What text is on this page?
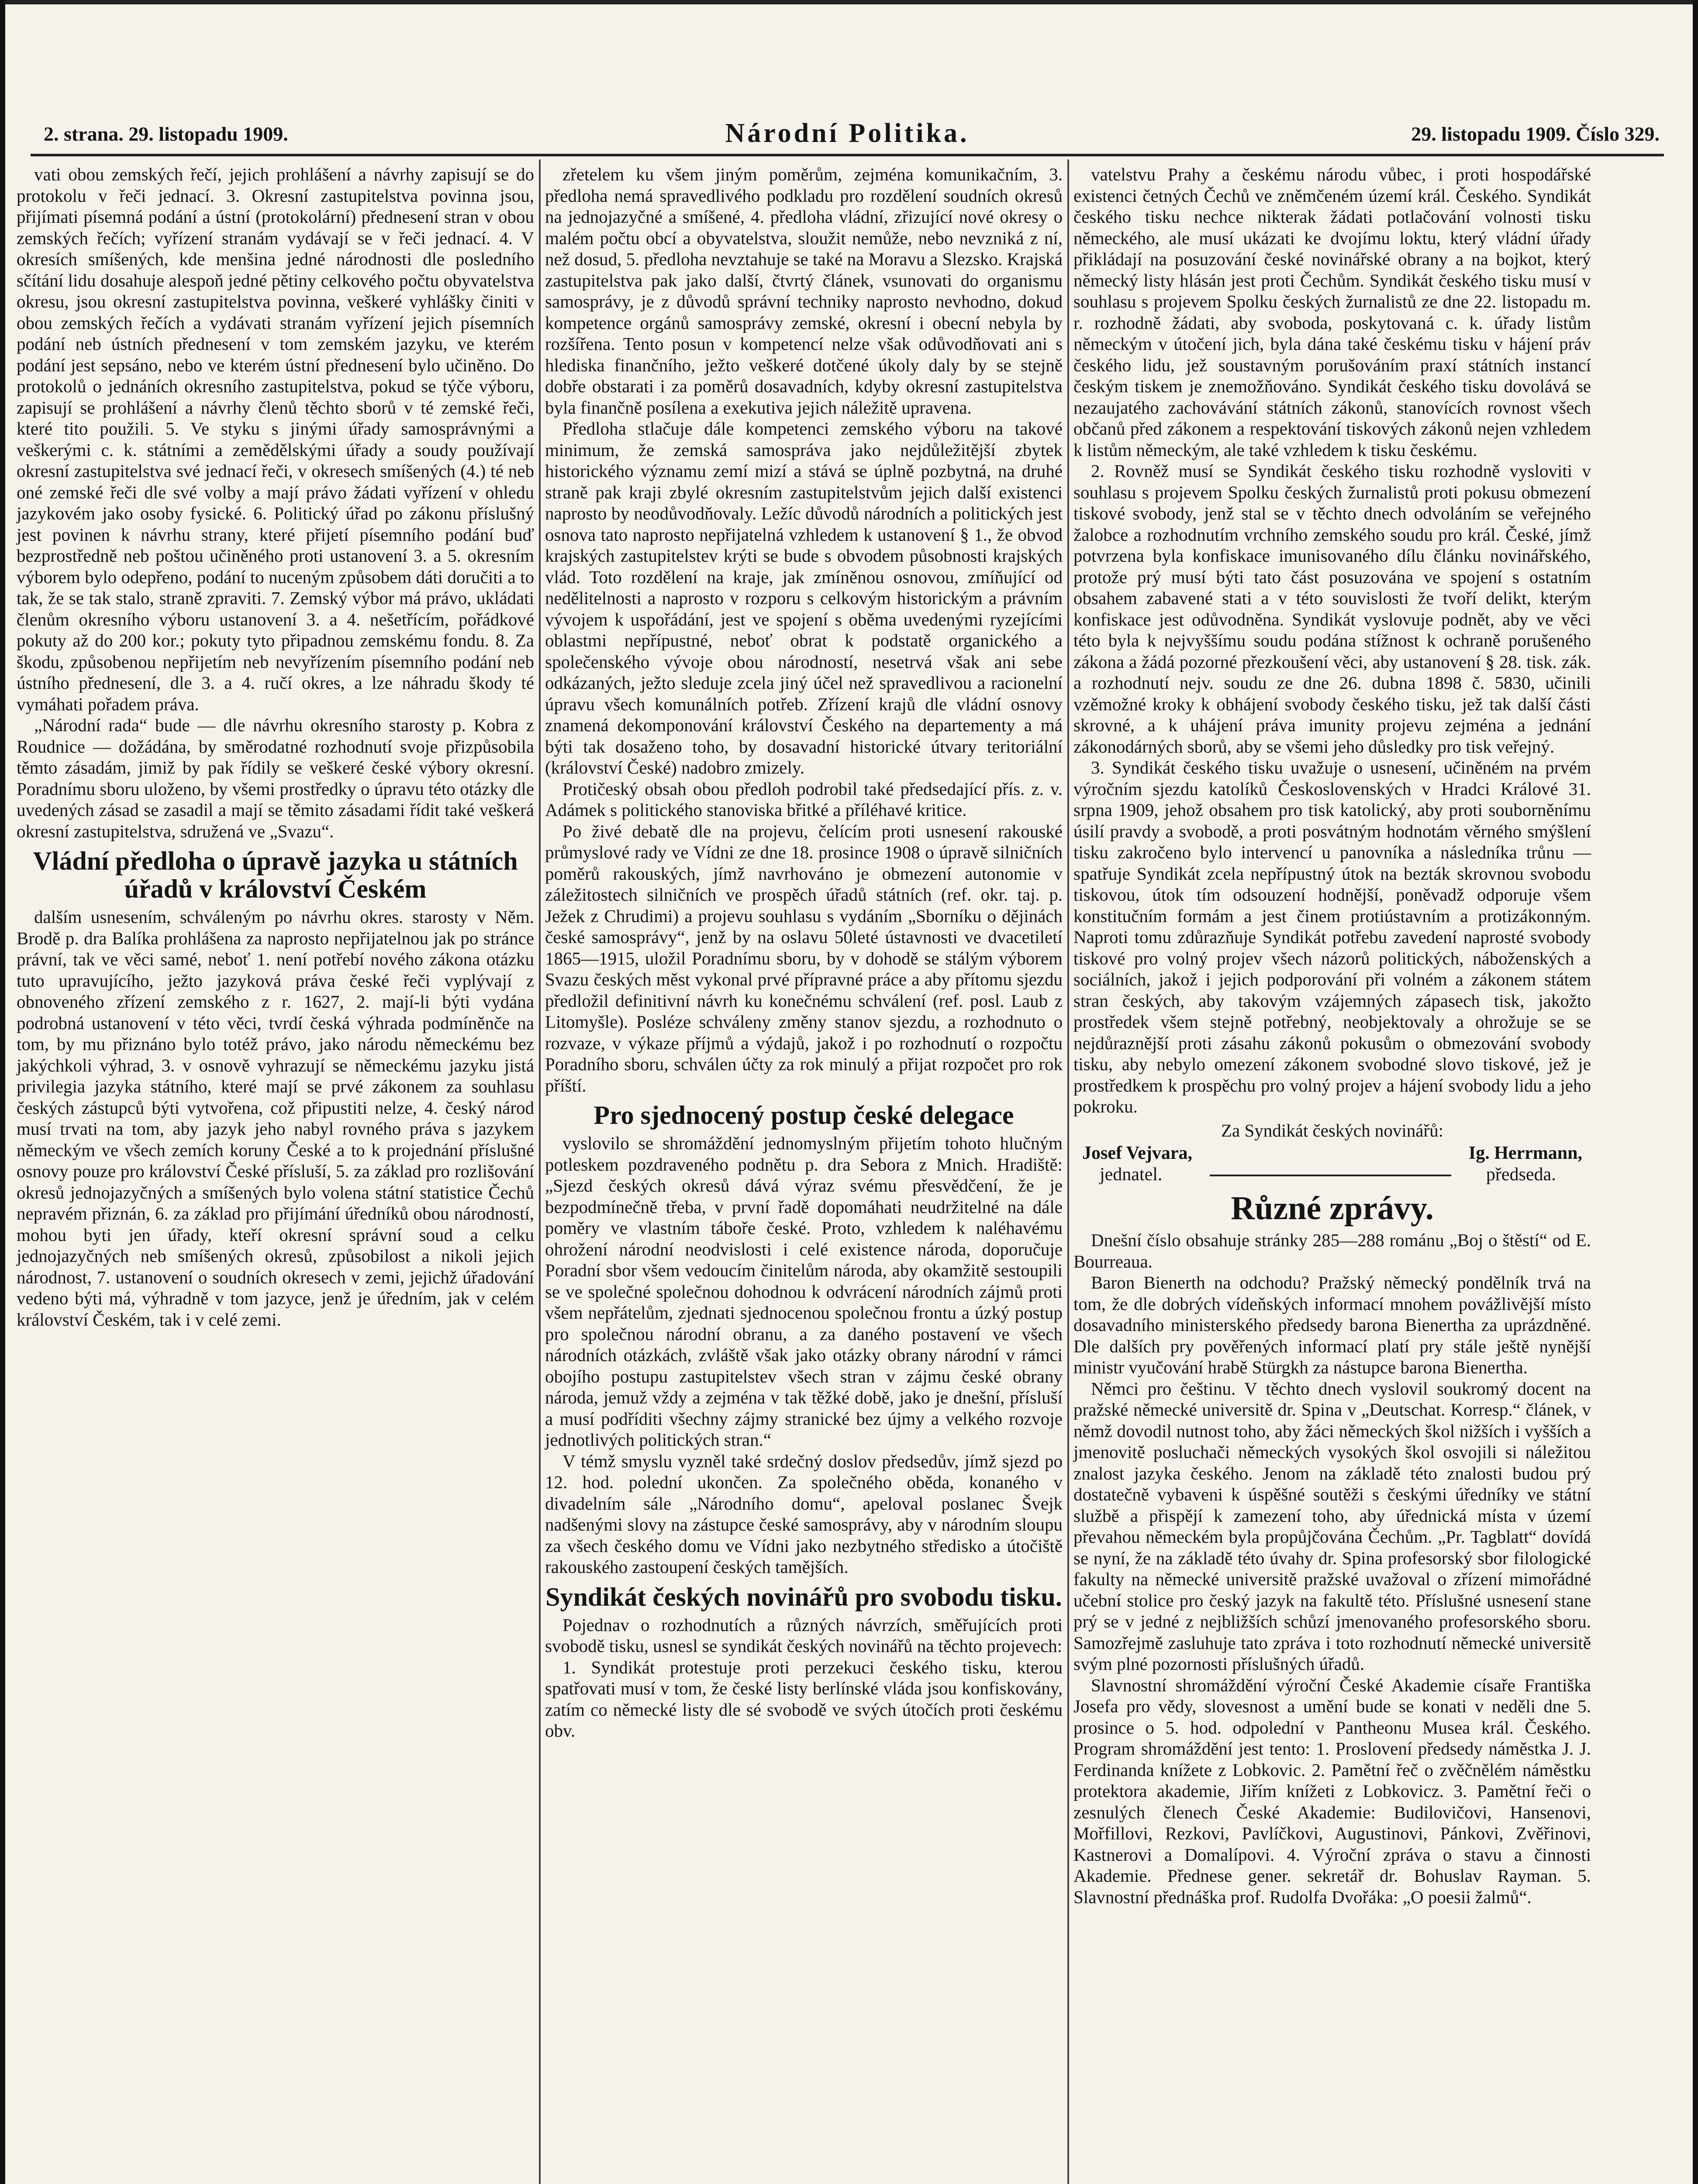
2. strana. 29. listopadu 1909.	Národní Politika.	29. listopadu 1909. Číslo 329.

vati obou zemských řečí, jejich prohlášení a návrhy zapisují se do protokolu v řeči jednací. 3. Okresní zastupitelstva povinna jsou, přijímati písemná podání a ústní (protokolární) přednesení stran v obou zemských řečích; vyřízení stranám vydávají se v řeči jednací. 4. V okresích smíšených, kde menšina jedné národnosti dle posledního sčítání lidu dosahuje alespoň jedné pětiny celkového počtu obyvatelstva okresu, jsou okresní zastupitelstva povinna, veškeré vyhlášky činiti v obou zemských řečích a vydávati stranám vyřízení jejich písemních podání neb ústních přednesení v tom zemském jazyku, ve kterém podání jest sepsáno, nebo ve kterém ústní přednesení bylo učiněno. Do protokolů o jednáních okresního zastupitelstva, pokud se týče výboru, zapisují se prohlášení a návrhy členů těchto sborů v té zemské řeči, které tito použili. 5. Ve styku s jinými úřady samosprávnými a veškerými c. k. státními a zemědělskými úřady a soudy používají okresní zastupitelstva své jednací řeči, v okresech smíšených (4.) té neb oné zemské řeči dle své volby a mají právo žádati vyřízení v ohledu jazykovém jako osoby fysické. 6. Politický úřad po zákonu příslušný jest povinen k návrhu strany, které přijetí písemního podání buď bezprostředně neb poštou učiněného proti ustanovení 3. a 5. okresním výborem bylo odepřeno, podání to nuceným způsobem dáti doručiti a to tak, že se tak stalo, straně zpraviti. 7. Zemský výbor má právo, ukládati členům okresního výboru ustanovení 3. a 4. nešetřícím, pořádkové pokuty až do 200 kor.; pokuty tyto připadnou zemskému fondu. 8. Za škodu, způsobenou nepřijetím neb nevyřízením písemního podání neb ústního přednesení, dle 3. a 4. ručí okres, a lze náhradu škody té vymáhati pořadem práva.

„Národní rada“ bude — dle návrhu okresního starosty p. Kobra z Roudnice — dožádána, by směrodatné rozhodnutí svoje přizpůsobila těmto zásadám, jimiž by pak řídily se veškeré české výbory okresní. Poradnímu sboru uloženo, by všemi prostředky o úpravu této otázky dle uvedených zásad se zasadil a mají se těmito zásadami řídit také veškerá okresní zastupitelstva, sdružená ve „Svazu“.

Vládní předloha o úpravě jazyka u státních úřadů v království Českém

dalším usnesením, schváleným po návrhu okres. starosty v Něm. Brodě p. dra Balíka prohlášena za naprosto nepřijatelnou jak po stránce právní, tak ve věci samé, neboť 1. není potřebí nového zákona otázku tuto upravujícího, ježto jazyková práva české řeči vyplývají z obnoveného zřízení zemského z r. 1627, 2. mají-li býti vydána podrobná ustanovení v této věci, tvrdí česká výhrada podmíněnče na tom, by mu přiznáno bylo totéž právo, jako národu německému bez jakýchkoli výhrad, 3. v osnově vyhrazují se německému jazyku jistá privilegia jazyka státního, které mají se prvé zákonem za souhlasu českých zástupců býti vytvořena, což připustiti nelze, 4. český národ musí trvati na tom, aby jazyk jeho nabyl rovného práva s jazykem německým ve všech zemích koruny České a to k projednání příslušné osnovy pouze pro království České přísluší, 5. za základ pro rozlišování okresů jednojazyčných a smíšených bylo volena státní statistice Čechů nepravém přiznán, 6. za základ pro přijímání úředníků obou národností, mohou byti jen úřady, kteří okresní správní soud a celku jednojazyčných neb smíšených okresů, způsobilost a nikoli jejich národnost, 7. ustanovení o soudních okresech v zemi, jejichž úřadování vedeno býti má, výhradně v tom jazyce, jenž je úředním, jak v celém království Českém, tak i v celé zemi.

zřetelem ku všem jiným poměrům, zejména komunikačním, 3. předloha nemá spravedlivého podkladu pro rozdělení soudních okresů na jednojazyčné a smíšené, 4. předloha vládní, zřizující nové okresy o malém počtu obcí a obyvatelstva, sloužit nemůže, nebo nevzniká z ní, než dosud, 5. předloha nevztahuje se také na Moravu a Slezsko. Krajská zastupitelstva pak jako další, čtvrtý článek, vsunovati do organismu samosprávy, je z důvodů správní techniky naprosto nevhodno, dokud kompetence orgánů samosprávy zemské, okresní i obecní nebyla by rozšířena. Tento posun v kompetencí nelze však odůvodňovati ani s hlediska finančního, ježto veškeré dotčené úkoly daly by se stejně dobře obstarati i za poměrů dosavadních, kdyby okresní zastupitelstva byla finančně posílena a exekutiva jejich náležitě upravena.

Předloha stlačuje dále kompetenci zemského výboru na takové minimum, že zemská samospráva jako nejdůležitější zbytek historického významu zemí mizí a stává se úplně pozbytná, na druhé straně pak kraji zbylé okresním zastupitelstvům jejich další existenci naprosto by neodůvodňovaly. Ležíc důvodů národních a politických jest osnova tato naprosto nepřijatelná vzhledem k ustanovení § 1., že obvod krajských zastupitelstev krýti se bude s obvodem působnosti krajských vlád. Toto rozdělení na kraje, jak zmíněnou osnovou, zmíňující od nedělitelnosti a naprosto v rozporu s celkovým historickým a právním vývojem k uspořádání, jest ve spojení s oběma uvedenými ryzejícími oblastmi nepřípustné, neboť obrat k podstatě organického a společenského vývoje obou národností, nesetrvá však ani sebe odkázaných, ježto sleduje zcela jiný účel než spravedlivou a racionelní úpravu všech komunálních potřeb. Zřízení krajů dle vládní osnovy znamená dekomponování království Českého na departementy a má býti tak dosaženo toho, by dosavadní historické útvary teritoriální (království České) nadobro zmizely.

Protičeský obsah obou předloh podrobil také předsedající přís. z. v. Adámek s politického stanoviska břitké a příléhavé kritice.

Po živé debatě dle na projevu, čelícím proti usnesení rakouské průmyslové rady ve Vídni ze dne 18. prosince 1908 o úpravě silničních poměrů rakouských, jímž navrhováno je obmezení autonomie v záležitostech silničních ve prospěch úřadů státních (ref. okr. taj. p. Ježek z Chrudimi) a projevu souhlasu s vydáním „Sborníku o dějinách české samosprávy“, jenž by na oslavu 50leté ústavnosti ve dvacetiletí 1865—1915, uložil Poradnímu sboru, by v dohodě se stálým výborem Svazu českých měst vykonal prvé přípravné práce a aby přítomu sjezdu předložil definitivní návrh ku konečnému schválení (ref. posl. Laub z Litomyšle). Posléze schváleny změny stanov sjezdu, a rozhodnuto o rozvaze, v výkaze příjmů a výdajů, jakož i po rozhodnutí o rozpočtu Poradního sboru, schválen účty za rok minulý a přijat rozpočet pro rok příští.

Pro sjednocený postup české delegace

vyslovilo se shromáždění jednomyslným přijetím tohoto hlučným potleskem pozdraveného podnětu p. dra Sebora z Mnich. Hradiště: „Sjezd českých okresů dává výraz svému přesvědčení, že je bezpodmínečně třeba, v první řadě dopomáhati neudržitelné na dále poměry ve vlastním táboře české. Proto, vzhledem k naléhavému ohrožení národní neodvislosti i celé existence národa, doporučuje Poradní sbor všem vedoucím činitelům národa, aby okamžitě sestoupili se ve společné společnou dohodnou k odvrácení národních zájmů proti všem nepřátelům, zjednati sjednocenou společnou frontu a úzký postup pro společnou národní obranu, a za daného postavení ve všech národních otázkách, zvláště však jako otázky obrany národní v rámci obojího postupu zastupitelstev všech stran v zájmu české obrany národa, jemuž vždy a zejména v tak těžké době, jako je dnešní, přísluší a musí podříditi všechny zájmy stranické bez újmy a velkého rozvoje jednotlivých politických stran.“

V témž smyslu vyzněl také srdečný doslov předsedův, jímž sjezd po 12. hod. polední ukončen. Za společného oběda, konaného v divadelním sále „Národního domu“, apeloval poslanec Švejk nadšenými slovy na zástupce české samosprávy, aby v národním sloupu za všech českého domu ve Vídni jako nezbytného středisko a útočiště rakouského zastoupení českých tamějších.

Syndikát českých novinářů pro svobodu tisku.

Pojednav o rozhodnutích a různých návrzích, směřujících proti svobodě tisku, usnesl se syndikát českých novinářů na těchto projevech:

1. Syndikát protestuje proti perzekuci českého tisku, kterou spatřovati musí v tom, že české listy berlínské vláda jsou konfiskovány, zatím co německé listy dle sé svobodě ve svých útočích proti českému obv.

vatelstvu Prahy a českému národu vůbec, i proti hospodářské existenci četných Čechů ve zněmčeném území král. Českého. Syndikát českého tisku nechce nikterak žádati potlačování volnosti tisku německého, ale musí ukázati ke dvojímu loktu, který vládní úřady přikládají na posuzování české novinářské obrany a na bojkot, který německý listy hlásán jest proti Čechům. Syndikát českého tisku musí v souhlasu s projevem Spolku českých žurnalistů ze dne 22. listopadu m. r. rozhodně žádati, aby svoboda, poskytovaná c. k. úřady listům německým v útočení jich, byla dána také českému tisku v hájení práv českého lidu, jež soustavným porušováním praxí státních instancí českým tiskem je znemožňováno. Syndikát českého tisku dovolává se nezaujatého zachovávání státních zákonů, stanovících rovnost všech občanů před zákonem a respektování tiskových zákonů nejen vzhledem k listům německým, ale také vzhledem k tisku českému.

2. Rovněž musí se Syndikát českého tisku rozhodně vysloviti v souhlasu s projevem Spolku českých žurnalistů proti pokusu obmezení tiskové svobody, jenž stal se v těchto dnech odvoláním se veřejného žalobce a rozhodnutím vrchního zemského soudu pro král. České, jímž potvrzena byla konfiskace imunisovaného dílu článku novinářského, protože prý musí býti tato část posuzována ve spojení s ostatním obsahem zabavené stati a v této souvislosti že tvoří delikt, kterým konfiskace jest odůvodněna. Syndikát vyslovuje podnět, aby ve věci této byla k nejvyššímu soudu podána stížnost k ochraně porušeného zákona a žádá pozorné přezkoušení věci, aby ustanovení § 28. tisk. zák. a rozhodnutí nejv. soudu ze dne 26. dubna 1898 č. 5830, učinili vzěmožné kroky k obhájení svobody českého tisku, jež tak další části skrovné, a k uhájení práva imunity projevu zejména a jednání zákonodárných sborů, aby se všemi jeho důsledky pro tisk veřejný.

3. Syndikát českého tisku uvažuje o usnesení, učiněném na prvém výročním sjezdu katolíků Československých v Hradci Králové 31. srpna 1909, jehož obsahem pro tisk katolický, aby proti souborněnímu úsilí pravdy a svobodě, a proti posvátným hodnotám věrného smýšlení tisku zakročeno bylo intervencí u panovníka a následníka trůnu — spatřuje Syndikát zcela nepřípustný útok na bezták skrovnou svobodu tiskovou, útok tím odsouzení hodnější, poněvadž odporuje všem konstitučním formám a jest činem protiústavním a protizákonným. Naproti tomu zdůrazňuje Syndikát potřebu zavedení naprosté svobody tiskové pro volný projev všech názorů politických, náboženských a sociálních, jakož i jejich podporování při volném a zákonem státem stran českých, aby takovým vzájemných zápasech tisk, jakožto prostředek všem stejně potřebný, neobjektovaly a ohrožuje se se nejdůraznější proti zásahu zákonů pokusům o obmezování svobody tisku, aby nebylo omezení zákonem svobodné slovo tiskové, jež je prostředkem k prospěchu pro volný projev a hájení svobody lidu a jeho pokroku.

Za Syndikát českých novinářů:
Josef Vejvara,
jednatel.
Ig. Herrmann,
předseda.
Různé zprávy.

Dnešní číslo obsahuje stránky 285—288 románu „Boj o štěstí“ od E. Bourreaua.

Baron Bienerth na odchodu? Pražský německý pondělník trvá na tom, že dle dobrých vídeňských informací mnohem povážlivější místo dosavadního ministerského předsedy barona Bienertha za uprázdněné. Dle dalších pry pověřených informací platí pry stále ještě nynější ministr vyučování hrabě Stürgkh za nástupce barona Bienertha.

Němci pro češtinu. V těchto dnech vyslovil soukromý docent na pražské německé universitě dr. Spina v „Deutschat. Korresp.“ článek, v němž dovodil nutnost toho, aby žáci německých škol nižších i vyšších a jmenovitě posluchači německých vysokých škol osvojili si náležitou znalost jazyka českého. Jenom na základě této znalosti budou prý dostatečně vybaveni k úspěšné soutěži s českými úředníky ve státní službě a přispějí k zamezení toho, aby úřednická místa v území převahou německém byla propůjčována Čechům. „Pr. Tagblatt“ dovídá se nyní, že na základě této úvahy dr. Spina profesorský sbor filologické fakulty na německé universitě pražské uvažoval o zřízení mimořádné učební stolice pro český jazyk na fakultě této. Příslušné usnesení stane prý se v jedné z nejbližších schůzí jmenovaného profesorského sboru. Samozřejmě zasluhuje tato zpráva i toto rozhodnutí německé universitě svým plné pozornosti příslušných úřadů.

Slavnostní shromáždění výroční České Akademie císaře Františka Josefa pro vědy, slovesnost a umění bude se konati v neděli dne 5. prosince o 5. hod. odpolední v Pantheonu Musea král. Českého. Program shromáždění jest tento: 1. Proslovení předsedy náměstka J. J. Ferdinanda knížete z Lobkovic. 2. Pamětní řeč o zvěčnělém náměstku protektora akademie, Jiřím knížeti z Lobkovicz. 3. Pamětní řeči o zesnulých členech České Akademie: Budilovičovi, Hansenovi, Mořfillovi, Rezkovi, Pavlíčkovi, Augustinovi, Pánkovi, Zvěřinovi, Kastnerovi a Domalípovi. 4. Výroční zpráva o stavu a činnosti Akademie. Přednese gener. sekretář dr. Bohuslav Rayman. 5. Slavnostní přednáška prof. Rudolfa Dvořáka: „O poesii žalmů“.
